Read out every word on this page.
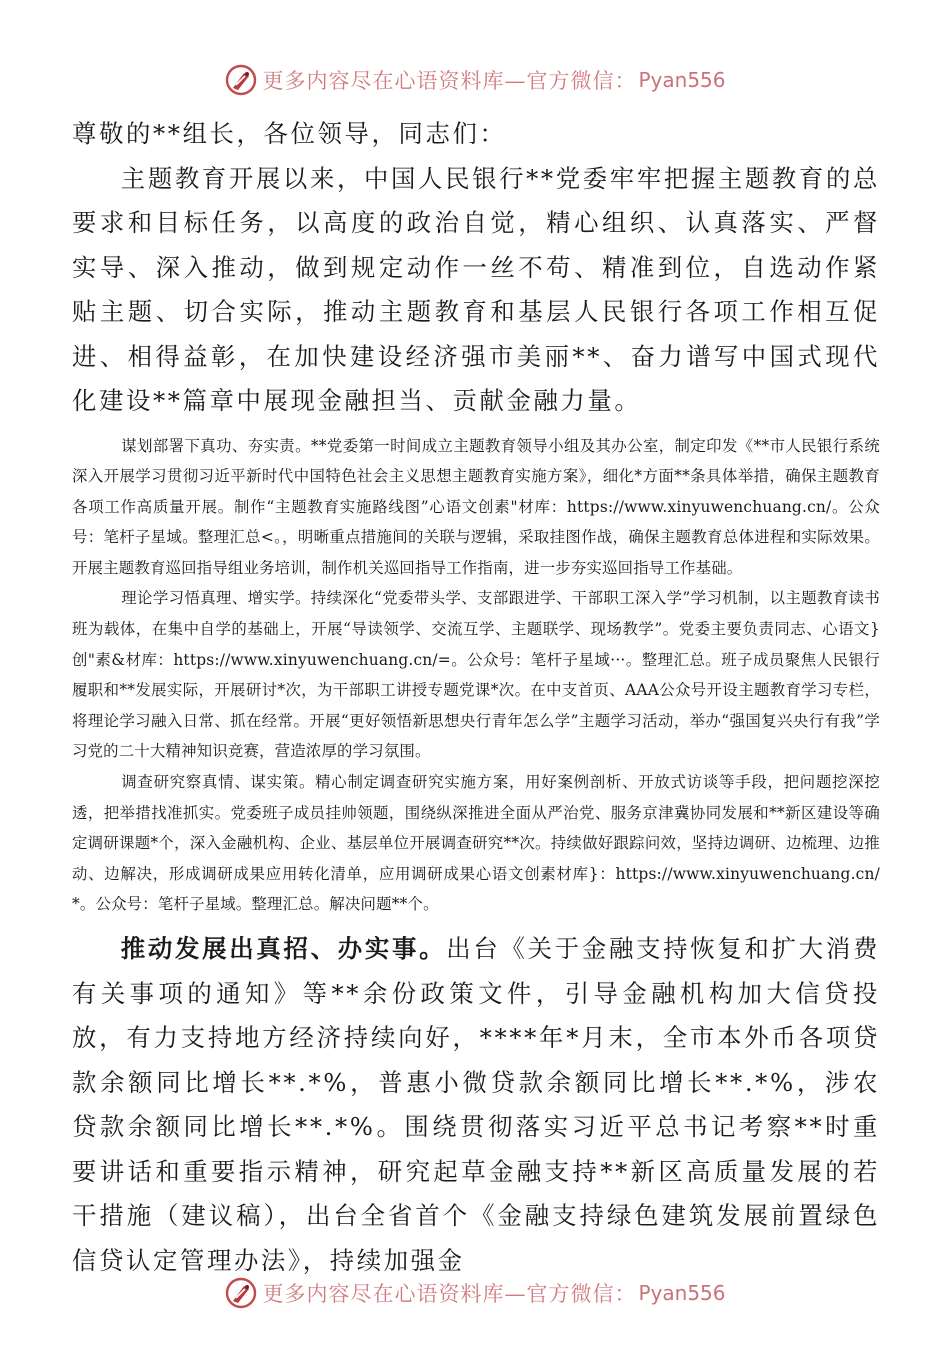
更多内容尽在心语资料库—官方微信： Pyan556

尊敬的**组长，各位领导，同志们：

主题教育开展以来，中国人民银行**党委牢牢把握主题教育的总要求和目标任务，以高度的政治自觉，精心组织、认真落实、严督实导、深入推动，做到规定动作一丝不苟、精准到位，自选动作紧贴主题、切合实际，推动主题教育和基层人民银行各项工作相互促进、相得益彰，在加快建设经济强市美丽**、奋力谱写中国式现代化建设**篇章中展现金融担当、贡献金融力量。

谋划部署下真功、夯实责。**党委第一时间成立主题教育领导小组及其办公室，制定印发《**市人民银行系统深入开展学习贯彻习近平新时代中国特色社会主义思想主题教育实施方案》，细化*方面**条具体举措，确保主题教育各项工作高质量开展。制作“主题教育实施路线图”心语文创素"材库：https://www.xinyuwenchuang.cn/。公众号：笔杆子星域。整理汇总<。，明晰重点措施间的关联与逻辑，采取挂图作战，确保主题教育总体进程和实际效果。开展主题教育巡回指导组业务培训，制作机关巡回指导工作指南，进一步夯实巡回指导工作基础。

理论学习悟真理、增实学。持续深化“党委带头学、支部跟进学、干部职工深入学”学习机制，以主题教育读书班为载体，在集中自学的基础上，开展“导读领学、交流互学、主题联学、现场教学”。党委主要负责同志、心语文}创"素&材库：https://www.xinyuwenchuang.cn/=。公众号：笔杆子星域···。整理汇总。班子成员聚焦人民银行履职和**发展实际，开展研讨*次，为干部职工讲授专题党课*次。在中支首页、AAA公众号开设主题教育学习专栏，将理论学习融入日常、抓在经常。开展“更好领悟新思想央行青年怎么学”主题学习活动，举办“强国复兴央行有我”学习党的二十大精神知识竞赛，营造浓厚的学习氛围。

调查研究察真情、谋实策。精心制定调查研究实施方案，用好案例剖析、开放式访谈等手段，把问题挖深挖透，把举措找准抓实。党委班子成员挂帅领题，围绕纵深推进全面从严治党、服务京津冀协同发展和**新区建设等确定调研课题*个，深入金融机构、企业、基层单位开展调查研究**次。持续做好跟踪问效，坚持边调研、边梳理、边推动、边解决，形成调研成果应用转化清单，应用调研成果心语文创素材库}：https://www.xinyuwenchuang.cn/*。公众号：笔杆子星域。整理汇总。解决问题**个。

推动发展出真招、办实事。出台《关于金融支持恢复和扩大消费有关事项的通知》等**余份政策文件，引导金融机构加大信贷投放，有力支持地方经济持续向好，****年*月末，全市本外币各项贷款余额同比增长**.*%，普惠小微贷款余额同比增长**.*%，涉农贷款余额同比增长**.*%。围绕贯彻落实习近平总书记考察**时重要讲话和重要指示精神，研究起草金融支持**新区高质量发展的若干措施（建议稿），出台全省首个《金融支持绿色建筑发展前置绿色信贷认定管理办法》，持续加强金

更多内容尽在心语资料库—官方微信： Pyan556
